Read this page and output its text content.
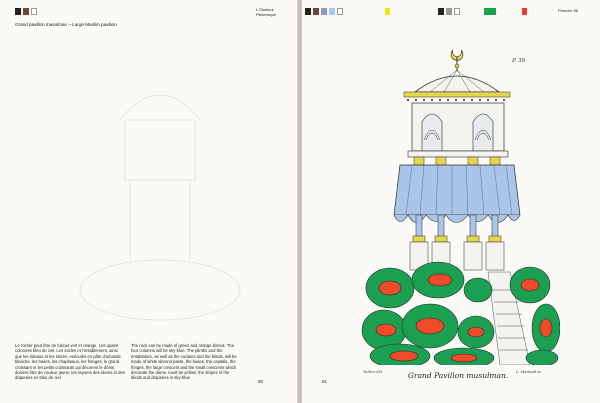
L'Oiseleur
Pittoresque
Grand pavillon musulman – Large Muslim pavilion
Le rocher peut être de biscuit vert et orange. Les quatre colonnes bleu de ciel. Les socles et l'entablement, ainsi que les rideaux et les stores, exécutés en pâte d'amande blanche, les bases, les chapiteaux, les franges, le grand croissant et les petits croissants qui décorent le dôme, doivent être de couleur jaune; les rayures des stores et des draperies en bleu de ciel.
The rock can be made of green and orange biscuit. The four columns will be sky-blue. The plinths and the entablature, as well as the curtains and the blinds, will be made of white almond paste, the bases, the capitals, the fringes, the large crescent and the small crescents which decorate the dome, must be yellow; the stripes of the blinds and draperies in sky-blue.
60
Planche 56
P. 39.
Verlier del.	Grand Pavillon musulman. L. Mariaud sc.
61
